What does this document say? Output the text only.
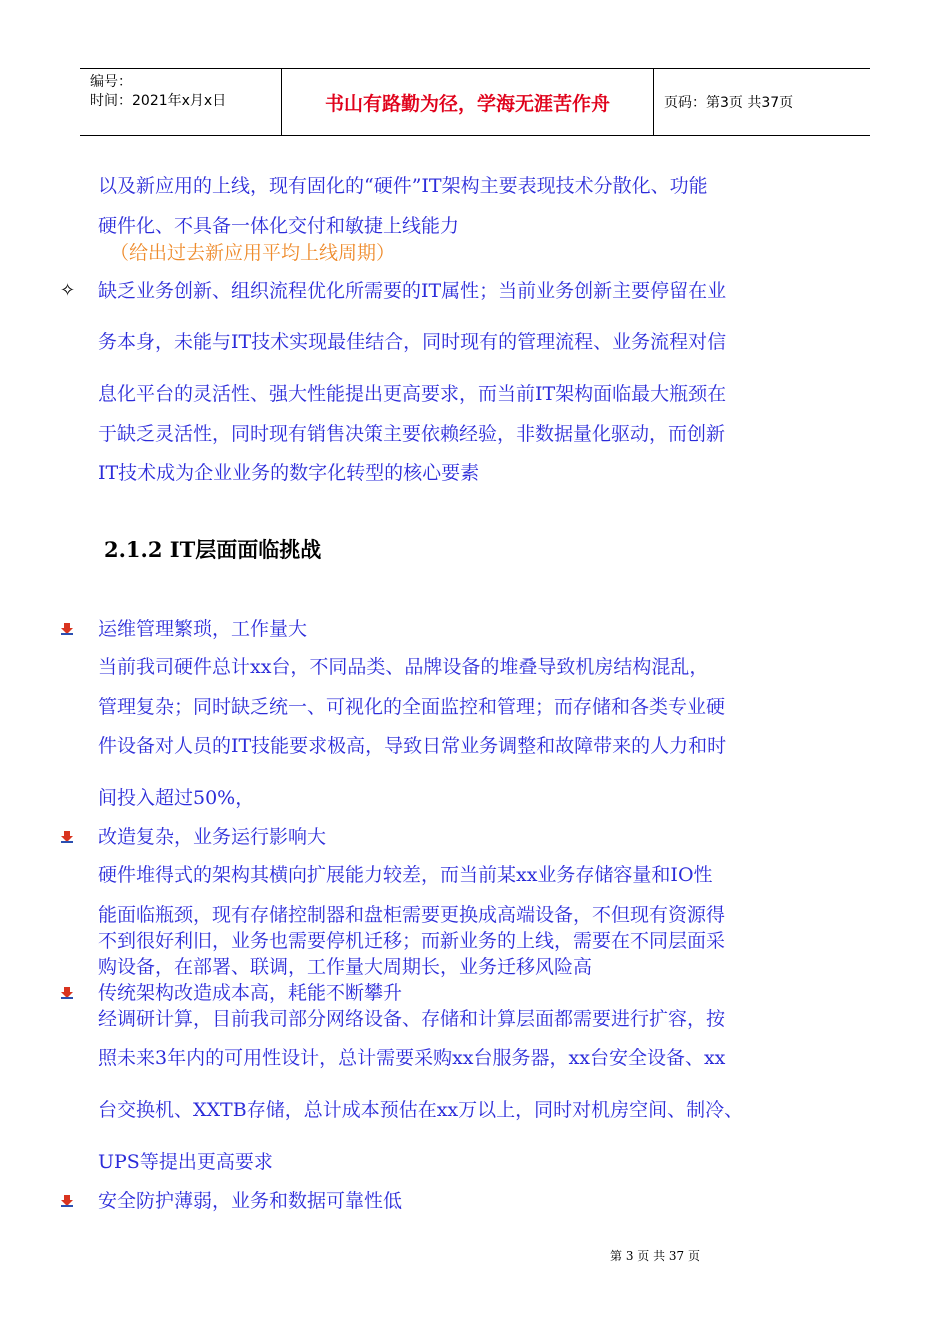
编号：
时间：2021年x月x日	书山有路勤为径，学海无涯苦作舟	页码：第3页 共37页
以及新应用的上线，现有固化的“硬件”IT架构主要表现技术分散化、功能
硬件化、不具备一体化交付和敏捷上线能力
（给出过去新应用平均上线周期）
✧ 缺乏业务创新、组织流程优化所需要的IT属性；当前业务创新主要停留在业
务本身，未能与IT技术实现最佳结合，同时现有的管理流程、业务流程对信
息化平台的灵活性、强大性能提出更高要求，而当前IT架构面临最大瓶颈在
于缺乏灵活性，同时现有销售决策主要依赖经验，非数据量化驱动，而创新
IT技术成为企业业务的数字化转型的核心要素
2.1.2 IT层面面临挑战
运维管理繁琐，工作量大
当前我司硬件总计xx台，不同品类、品牌设备的堆叠导致机房结构混乱，
管理复杂；同时缺乏统一、可视化的全面监控和管理；而存储和各类专业硬
件设备对人员的IT技能要求极高，导致日常业务调整和故障带来的人力和时
间投入超过50%，
改造复杂，业务运行影响大
硬件堆得式的架构其横向扩展能力较差，而当前某xx业务存储容量和IO性
能面临瓶颈，现有存储控制器和盘柜需要更换成高端设备，不但现有资源得
不到很好利旧，业务也需要停机迁移；而新业务的上线，需要在不同层面采
购设备，在部署、联调，工作量大周期长，业务迁移风险高
传统架构改造成本高，耗能不断攀升
经调研计算，目前我司部分网络设备、存储和计算层面都需要进行扩容，按
照未来3年内的可用性设计，总计需要采购xx台服务器，xx台安全设备、xx
台交换机、XXTB存储，总计成本预估在xx万以上，同时对机房空间、制冷、
UPS等提出更高要求
安全防护薄弱，业务和数据可靠性低
第 3 页 共 37 页
